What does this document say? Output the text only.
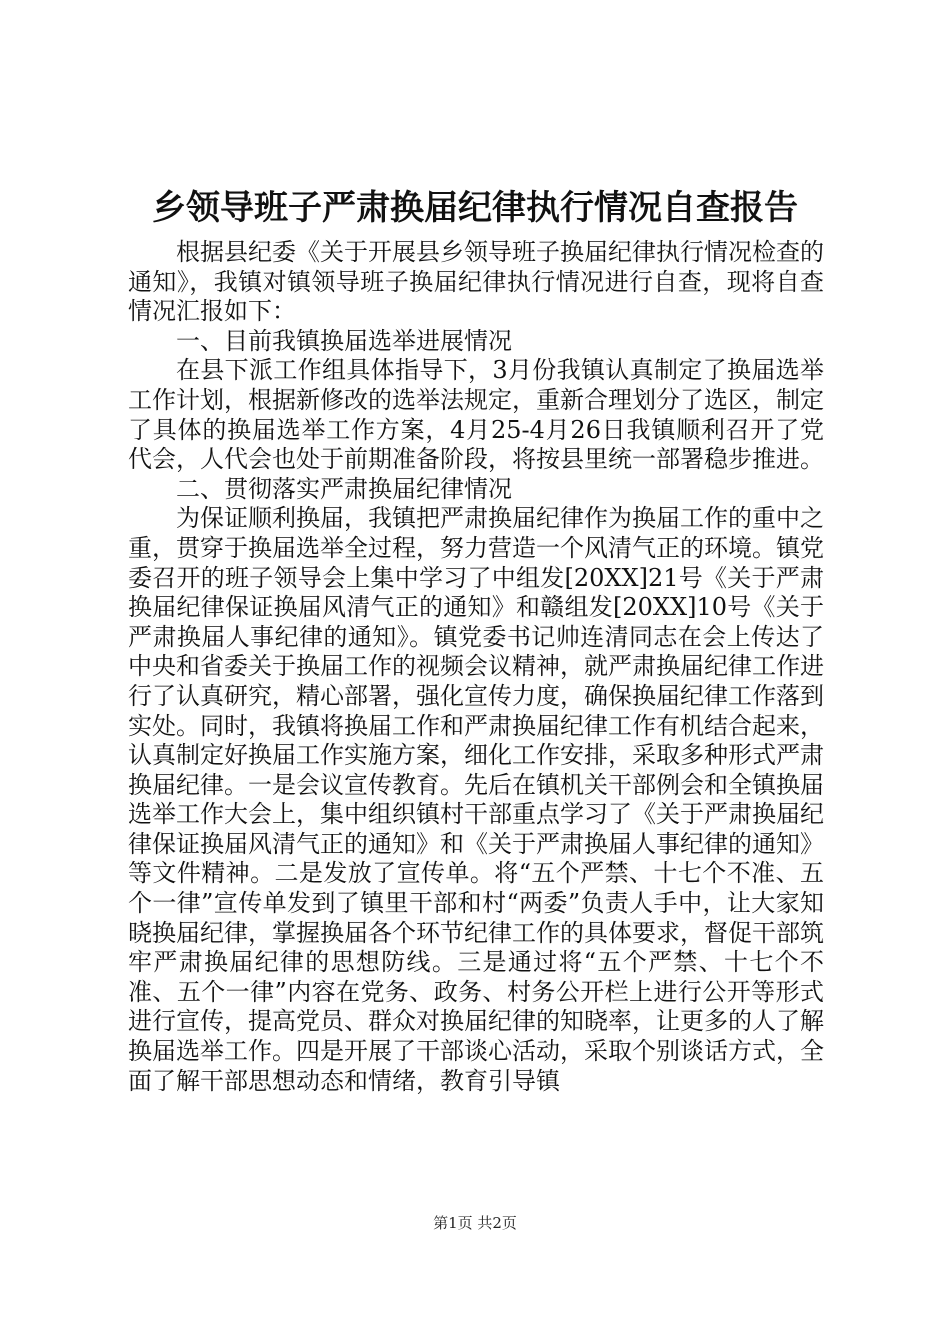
乡领导班子严肃换届纪律执行情况自查报告

根据县纪委《关于开展县乡领导班子换届纪律执行情况检查的通知》，我镇对镇领导班子换届纪律执行情况进行自查，现将自查情况汇报如下：

一、目前我镇换届选举进展情况

在县下派工作组具体指导下，3月份我镇认真制定了换届选举工作计划，根据新修改的选举法规定，重新合理划分了选区，制定了具体的换届选举工作方案，4月25-4月26日我镇顺利召开了党代会，人代会也处于前期准备阶段，将按县里统一部署稳步推进。

二、贯彻落实严肃换届纪律情况

为保证顺利换届，我镇把严肃换届纪律作为换届工作的重中之重，贯穿于换届选举全过程，努力营造一个风清气正的环境。镇党委召开的班子领导会上集中学习了中组发[20XX]21号《关于严肃换届纪律保证换届风清气正的通知》和赣组发[20XX]10号《关于严肃换届人事纪律的通知》。镇党委书记帅连清同志在会上传达了中央和省委关于换届工作的视频会议精神，就严肃换届纪律工作进行了认真研究，精心部署，强化宣传力度，确保换届纪律工作落到实处。同时，我镇将换届工作和严肃换届纪律工作有机结合起来，认真制定好换届工作实施方案，细化工作安排，采取多种形式严肃换届纪律。一是会议宣传教育。先后在镇机关干部例会和全镇换届选举工作大会上，集中组织镇村干部重点学习了《关于严肃换届纪律保证换届风清气正的通知》和《关于严肃换届人事纪律的通知》等文件精神。二是发放了宣传单。将“五个严禁、十七个不准、五个一律”宣传单发到了镇里干部和村“两委”负责人手中，让大家知晓换届纪律，掌握换届各个环节纪律工作的具体要求，督促干部筑牢严肃换届纪律的思想防线。三是通过将“五个严禁、十七个不准、五个一律”内容在党务、政务、村务公开栏上进行公开等形式进行宣传，提高党员、群众对换届纪律的知晓率，让更多的人了解换届选举工作。四是开展了干部谈心活动，采取个别谈话方式，全面了解干部思想动态和情绪，教育引导镇

第1页 共2页
